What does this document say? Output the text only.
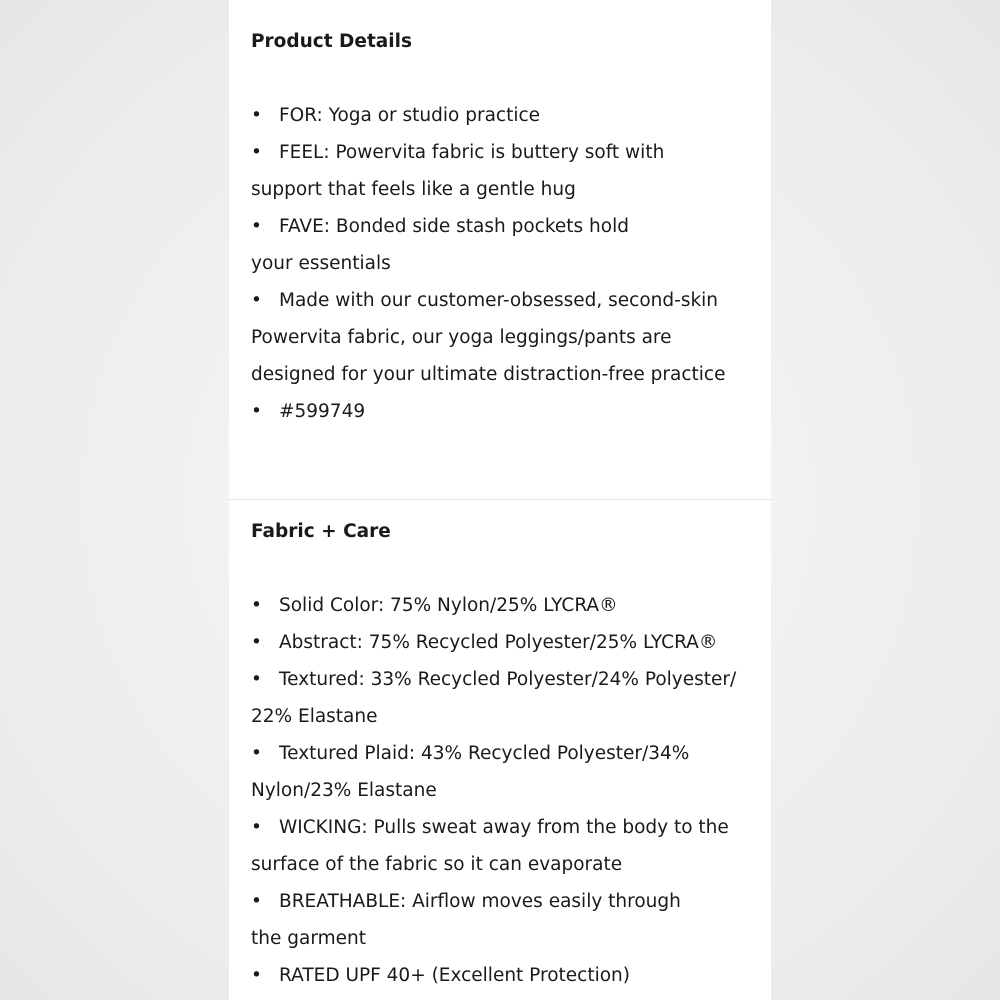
Product Details
• FOR: Yoga or studio practice
• FEEL: Powervita fabric is buttery soft with
support that feels like a gentle hug
• FAVE: Bonded side stash pockets hold
your essentials
• Made with our customer-obsessed, second-skin
Powervita fabric, our yoga leggings/pants are
designed for your ultimate distraction-free practice
• #599749
Fabric + Care
• Solid Color: 75% Nylon/25% LYCRA®
• Abstract: 75% Recycled Polyester/25% LYCRA®
• Textured: 33% Recycled Polyester/24% Polyester/
22% Elastane
• Textured Plaid: 43% Recycled Polyester/34%
Nylon/23% Elastane
• WICKING: Pulls sweat away from the body to the
surface of the fabric so it can evaporate
• BREATHABLE: Airflow moves easily through
the garment
• RATED UPF 40+ (Excellent Protection)
